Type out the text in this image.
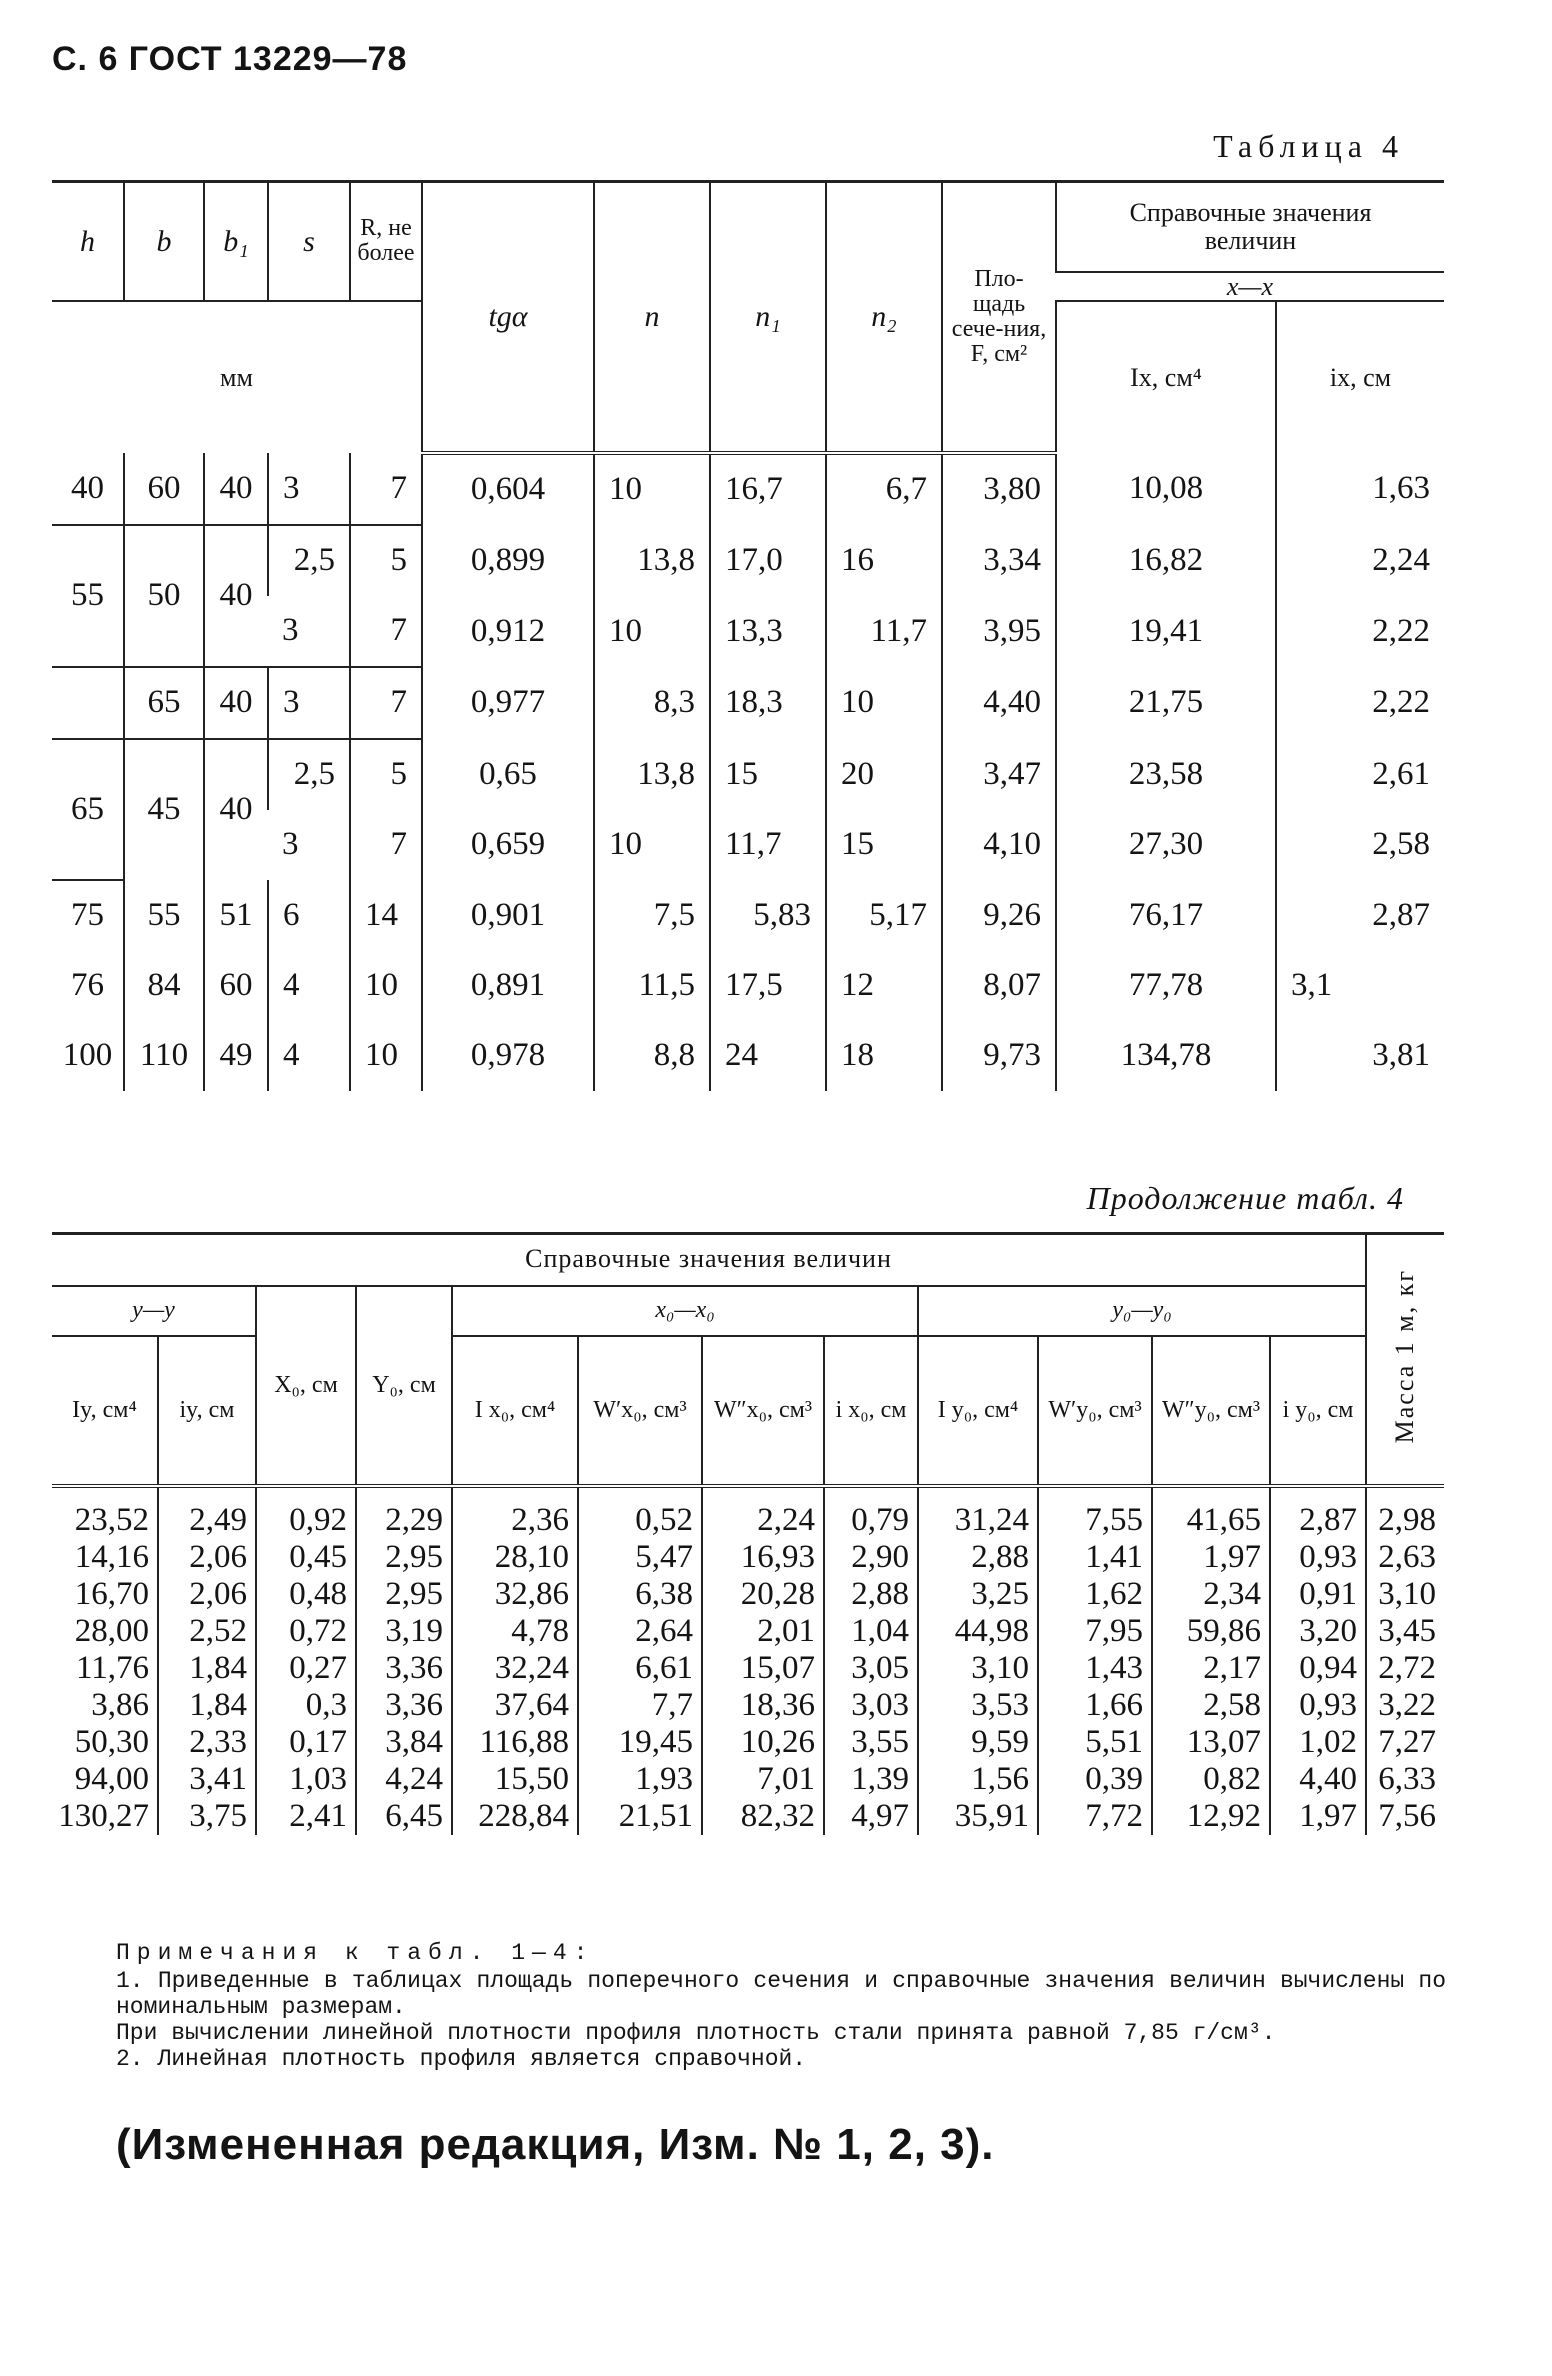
С. 6 ГОСТ 13229—78
Таблица 4
h	b	b₁	s	R, не более	tgα	n	n₁	n₂	Пло-щадь сече-ния, F, см²	Справочные значения величин	
										x—x	
мм										Ix, см⁴	ix, см

40	60	40	3	7	0,604	10	16,7	6,7	3,80	10,08	1,63
55	50	40	2,5	5	0,899	13,8	17,0	16	3,34	16,82	2,24
			3	7	0,912	10	13,3	11,7	3,95	19,41	2,22
	65	40	3	7	0,977	8,3	18,3	10	4,40	21,75	2,22
65	45	40	2,5	5	0,65	13,8	15	20	3,47	23,58	2,61
			3	7	0,659	10	11,7	15	4,10	27,30	2,58
75	55	51	6	14	0,901	7,5	5,83	5,17	9,26	76,17	2,87
76	84	60	4	10	0,891	11,5	17,5	12	8,07	77,78	3,1
100	110	49	4	10	0,978	8,8	24	18	9,73	134,78	3,81
Продолжение табл. 4
Справочные значения величин												Масса 1 м, кг
y—y		X₀, см	Y₀, см	x₀—x₀				y₀—y₀				
Iy, см⁴	iy, см			I x₀, см⁴	W′x₀, см³	W″x₀, см³	i x₀, см	I y₀, см⁴	W′y₀, см³	W″y₀, см³	i y₀, см	
23,52	2,49	0,92	2,29	2,36	0,52	2,24	0,79	31,24	7,55	41,65	2,87	2,98
14,16	2,06	0,45	2,95	28,10	5,47	16,93	2,90	2,88	1,41	1,97	0,93	2,63
16,70	2,06	0,48	2,95	32,86	6,38	20,28	2,88	3,25	1,62	2,34	0,91	3,10
28,00	2,52	0,72	3,19	4,78	2,64	2,01	1,04	44,98	7,95	59,86	3,20	3,45
11,76	1,84	0,27	3,36	32,24	6,61	15,07	3,05	3,10	1,43	2,17	0,94	2,72
3,86	1,84	0,3	3,36	37,64	7,7	18,36	3,03	3,53	1,66	2,58	0,93	3,22
50,30	2,33	0,17	3,84	116,88	19,45	10,26	3,55	9,59	5,51	13,07	1,02	7,27
94,00	3,41	1,03	4,24	15,50	1,93	7,01	1,39	1,56	0,39	0,82	4,40	6,33
130,27	3,75	2,41	6,45	228,84	21,51	82,32	4,97	35,91	7,72	12,92	1,97	7,56
Примечания к табл. 1—4:

1. Приведенные в таблицах площадь поперечного сечения и справочные значения величин вычислены по номинальным размерам.

При вычислении линейной плотности профиля плотность стали принята равной 7,85 г/см³.

2. Линейная плотность профиля является справочной.

(Измененная редакция, Изм. № 1, 2, 3).
